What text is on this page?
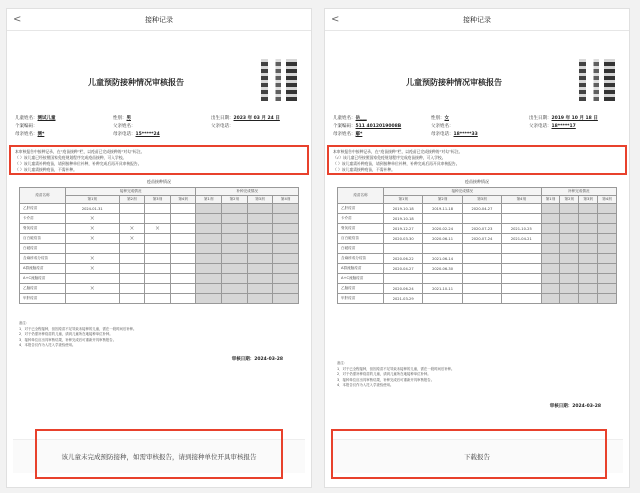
<	接种记录
儿童预防接种情况审核报告
儿童姓名：测试儿童	性别：男	出生日期：2023 年 03 月 24 日
个案编码：	父亲姓名：	父亲电话：
母亲姓名：测*	母亲电话：15*****24
本审核报告中接种记录，在“疫苗接种”栏，以疫苗已完成接种的“对勾”标注。
（ ）该儿童已经按照国家免疫规划程序完成疫苗接种，可入学校。
（ ）该儿童需补种疫苗，请到接种单位补种，补种完成后再开具审核报告。
（ ）该儿童需接种疫苗，不需补种。
疫苗接种情况
疫苗名称	接种完成情况				补种完成情况			
	第1剂	第2剂	第3剂	第4剂	第1剂	第2剂	第3剂	第4剂
乙肝疫苗	2024-01-31							
卡介苗	×							
脊灰疫苗	×	×	×					
百白破疫苗	×	×						
白破疫苗								
含麻疹成分疫苗	×							
A群流脑疫苗	×							
A+C流脑疫苗								
乙脑疫苗	×							
甲肝疫苗								
备注：
1．对于已全程接种，但因疫苗不足导致未接种的儿童，需在一段时间后补种。
2．对于仍需补种疫苗的儿童，请到儿童所在地接种单位补种。
3．接种单位应出具审核结果，补种完成后可重新开具审核报告。
4．本报告仅作为入托入学查验使用。
审核日期：2024-03-28
该儿童未完成预防接种，如需审核报告，请到接种单位开具审核报告
<	接种记录
儿童预防接种情况审核报告
儿童姓名：岳___	性别：女	出生日期：2019 年 10 月 18 日
个案编码：511 4012019008B	父亲姓名：	父亲电话：18*****17
母亲姓名：鄢*	母亲电话：18*****33
本审核报告中接种记录，在“疫苗接种”栏，以疫苗已完成接种的“对勾”标注。
（√）该儿童已经按照国家免疫规划程序完成疫苗接种，可入学校。
（ ）该儿童需补种疫苗，请到接种单位补种，补种完成后再开具审核报告。
（ ）该儿童需接种疫苗，不需补种。
疫苗接种情况
疫苗名称	接种完成情况				补种完成情况			
	第1剂	第2剂	第3剂	第4剂	第1剂	第2剂	第3剂	第4剂
乙肝疫苗	2019-10-18	2019-11-18	2020-04-27					
卡介苗	2019-10-18							
脊灰疫苗	2019-12-27	2020-02-24	2020-07-23	2021-10-25				
百白破疫苗	2020-03-30	2020-06-11	2020-07-24	2021-04-21				
白破疫苗								
含麻疹成分疫苗	2020-06-22	2021-06-14						
A群流脑疫苗	2020-04-27	2020-06-30						
A+C流脑疫苗								
乙脑疫苗	2020-06-24	2021-10-11						
甲肝疫苗	2021-03-29							
备注：
1．对于已全程接种，但因疫苗不足导致未接种的儿童，需在一段时间后补种。
2．对于仍需补种疫苗的儿童，请到儿童所在地接种单位补种。
3．接种单位应出具审核结果，补种完成后可重新开具审核报告。
4．本报告仅作为入托入学查验使用。
审核日期：2024-03-28
下载报告
